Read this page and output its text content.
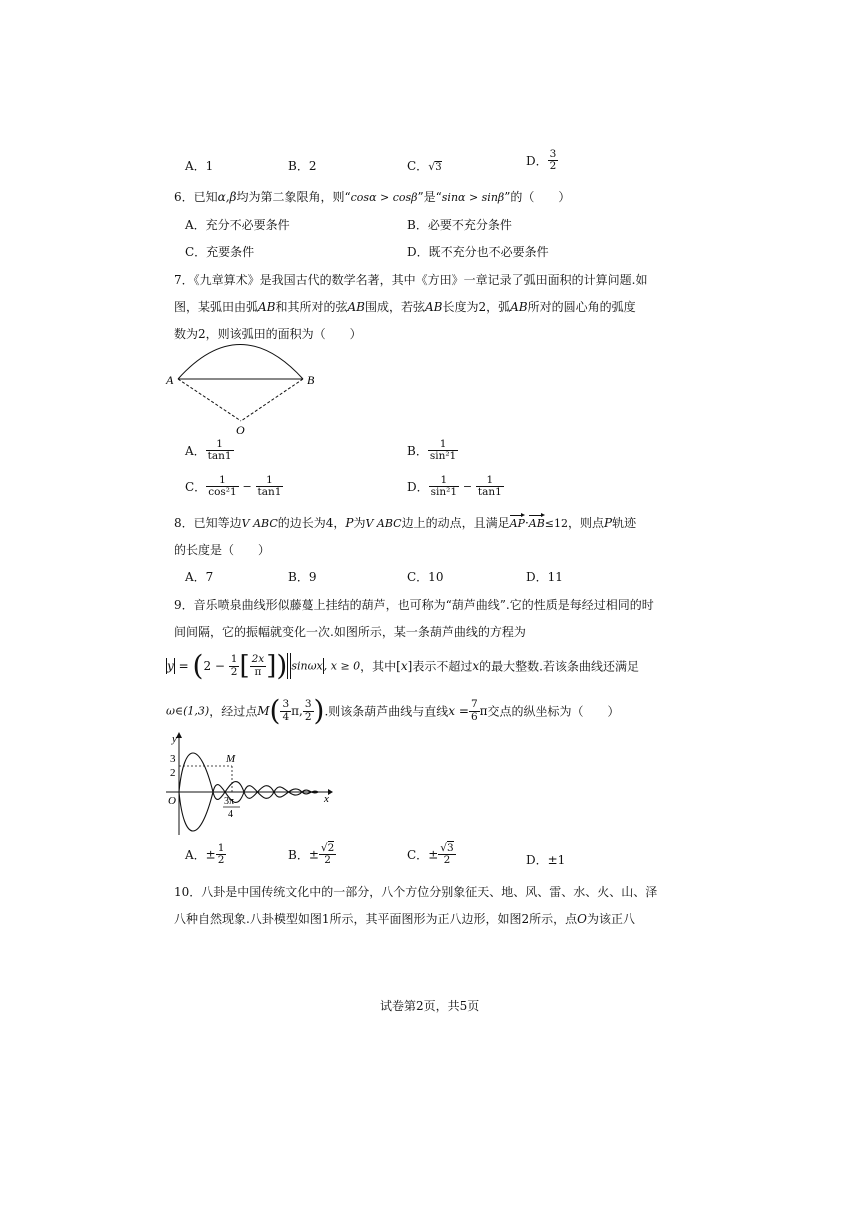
A．1	B．2	C．√3	D． $\frac{3}{2}$
6．已知α,β均为第二象限角，则“cosα > cosβ”是“sinα > sinβ”的（　　）
A．充分不必要条件	B．必要不充分条件
C．充要条件	D．既不充分也不必要条件
7．《九章算术》是我国古代的数学名著，其中《方田》一章记录了弧田面积的计算问题.如
图，某弧田由弧AB和其所对的弦AB围成，若弦AB长度为2，弧AB所对的圆心角的弧度
数为2，则该弧田的面积为（　　）
A	B
O
A． $\frac{1}{\tan 1}$	B． $\frac{1}{\text{sin²1}}$
C． $\frac{1}{\text{cos²1}} - \frac{1}{\tan 1}$	D． $\frac{1}{\text{sin²1}} - \frac{1}{\tan 1}$
8．已知等边V ABC的边长为4，P为V ABC边上的动点，且满足AP·AB≤12，则点P轨迹
的长度是（　　）
A．7	B．9	C．10	D．11
9．音乐喷泉曲线形似藤蔓上挂结的葫芦，也可称为“葫芦曲线”.它的性质是每经过相同的时
间间隔，它的振幅就变化一次.如图所示，某一条葫芦曲线的方程为
$y = (2 - \frac{1}{2}$ [ $\frac{2x}{\pi}$ ]) sinωx, x ≥ 0，其中[x]表示不超过x的最大整数.若该条曲线还满足
ω∈(1,3)，经过点$M( \frac{3}{4} \pi$, $\frac{3}{2}$ ).则该条葫芦曲线与直线$x = \frac{7}{6}$ π交点的纵坐标为（　　）
y
x
O
M
3
2
3π
4
A．± $\frac{1}{2}$	B．± $\frac{√2}{2}$	C．± $\frac{√3}{2}$	D．±1
10．八卦是中国传统文化中的一部分，八个方位分别象征天、地、风、雷、水、火、山、泽
八种自然现象.八卦模型如图1所示，其平面图形为正八边形，如图2所示，点O为该正八
试卷第2页，共5页
